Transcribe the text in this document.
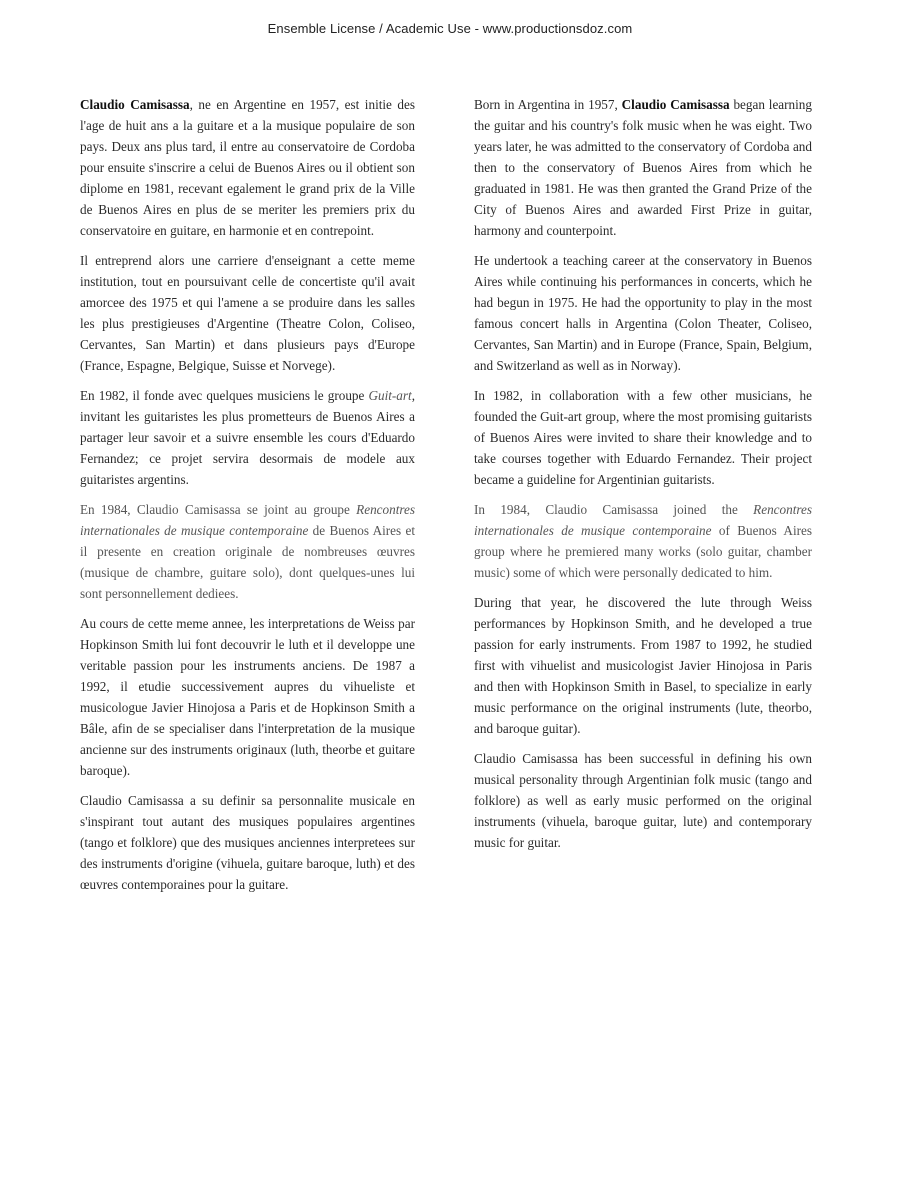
Ensemble License / Academic Use - www.productionsdoz.com

Claudio Camisassa, ne en Argentine en 1957, est initie des l'age de huit ans a la guitare et a la musique populaire de son pays. Deux ans plus tard, il entre au conservatoire de Cordoba pour ensuite s'inscrire a celui de Buenos Aires ou il obtient son diplome en 1981, recevant egalement le grand prix de la Ville de Buenos Aires en plus de se meriter les premiers prix du conservatoire en guitare, en harmonie et en contrepoint.

Il entreprend alors une carriere d'enseignant a cette meme institution, tout en poursuivant celle de concertiste qu'il avait amorcee des 1975 et qui l'amene a se produire dans les salles les plus prestigieuses d'Argentine (Theatre Colon, Coliseo, Cervantes, San Martin) et dans plusieurs pays d'Europe (France, Espagne, Belgique, Suisse et Norvege).

En 1982, il fonde avec quelques musiciens le groupe Guit-art, invitant les guitaristes les plus prometteurs de Buenos Aires a partager leur savoir et a suivre ensemble les cours d'Eduardo Fernandez; ce projet servira desormais de modele aux guitaristes argentins.

En 1984, Claudio Camisassa se joint au groupe Rencontres internationales de musique contemporaine de Buenos Aires et il presente en creation originale de nombreuses œuvres (musique de chambre, guitare solo), dont quelques-unes lui sont personnellement dediees.

Au cours de cette meme annee, les interpretations de Weiss par Hopkinson Smith lui font decouvrir le luth et il developpe une veritable passion pour les instruments anciens. De 1987 a 1992, il etudie successivement aupres du vihueliste et musicologue Javier Hinojosa a Paris et de Hopkinson Smith a Bâle, afin de se specialiser dans l'interpretation de la musique ancienne sur des instruments originaux (luth, theorbe et guitare baroque).

Claudio Camisassa a su definir sa personnalite musicale en s'inspirant tout autant des musiques populaires argentines (tango et folklore) que des musiques anciennes interpretees sur des instruments d'origine (vihuela, guitare baroque, luth) et des œuvres contemporaines pour la guitare.

Born in Argentina in 1957, Claudio Camisassa began learning the guitar and his country's folk music when he was eight. Two years later, he was admitted to the conservatory of Cordoba and then to the conservatory of Buenos Aires from which he graduated in 1981. He was then granted the Grand Prize of the City of Buenos Aires and awarded First Prize in guitar, harmony and counterpoint.

He undertook a teaching career at the conservatory in Buenos Aires while continuing his performances in concerts, which he had begun in 1975. He had the opportunity to play in the most famous concert halls in Argentina (Colon Theater, Coliseo, Cervantes, San Martin) and in Europe (France, Spain, Belgium, and Switzerland as well as in Norway).

In 1982, in collaboration with a few other musicians, he founded the Guit-art group, where the most promising guitarists of Buenos Aires were invited to share their knowledge and to take courses together with Eduardo Fernandez. Their project became a guideline for Argentinian guitarists.

In 1984, Claudio Camisassa joined the Rencontres internationales de musique contemporaine of Buenos Aires group where he premiered many works (solo guitar, chamber music) some of which were personally dedicated to him.

During that year, he discovered the lute through Weiss performances by Hopkinson Smith, and he developed a true passion for early instruments. From 1987 to 1992, he studied first with vihuelist and musicologist Javier Hinojosa in Paris and then with Hopkinson Smith in Basel, to specialize in early music performance on the original instruments (lute, theorbo, and baroque guitar).

Claudio Camisassa has been successful in defining his own musical personality through Argentinian folk music (tango and folklore) as well as early music performed on the original instruments (vihuela, baroque guitar, lute) and contemporary music for guitar.
